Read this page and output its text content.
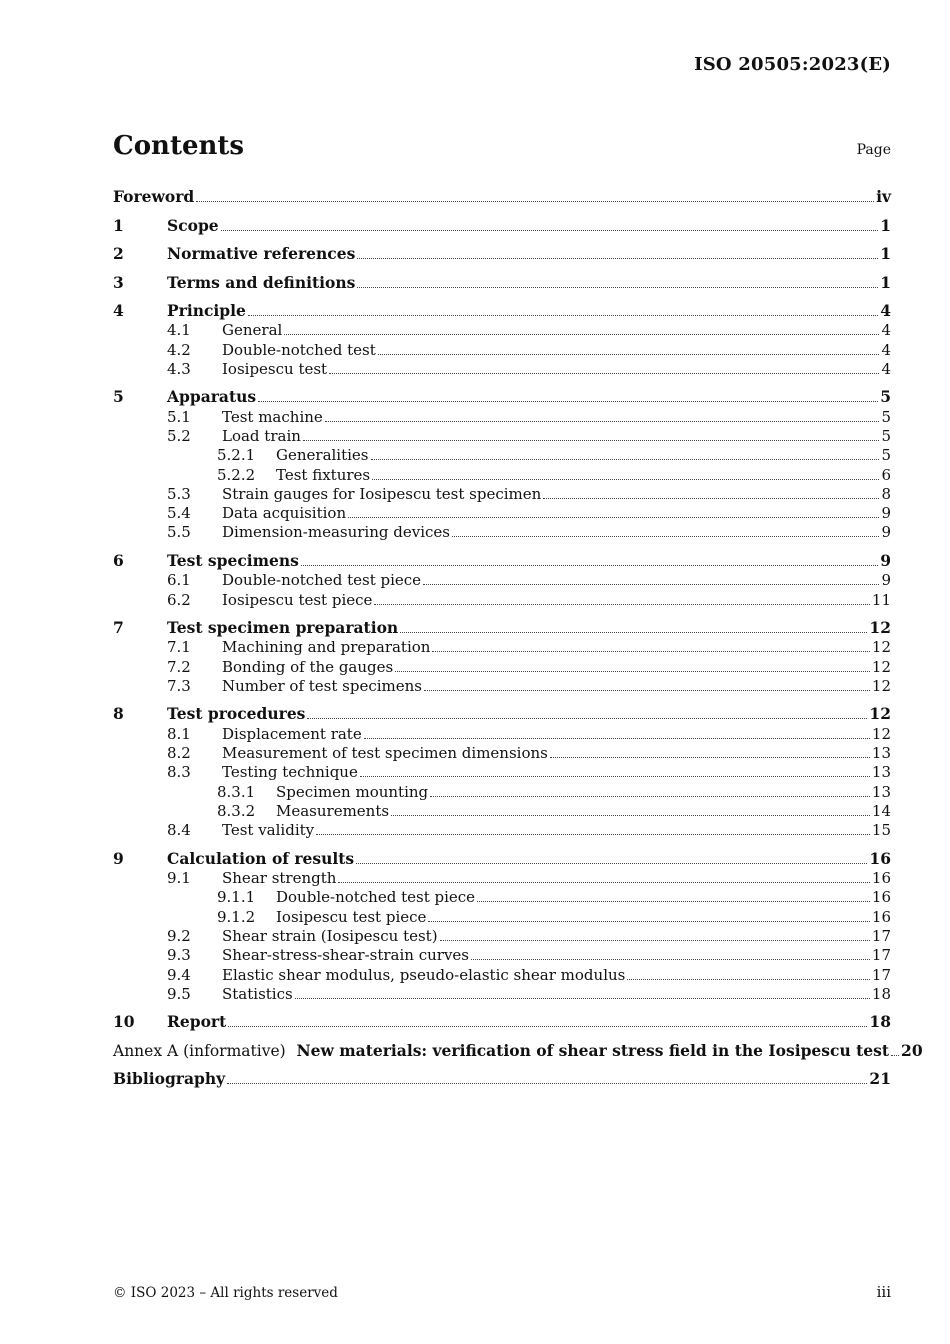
ISO 20505:2023(E)
Contents	Page
Foreword	iv
1	Scope	1
2	Normative references	1
3	Terms and definitions	1
4	Principle	4
4.1	General	4
4.2	Double-notched test	4
4.3	Iosipescu test	4
5	Apparatus	5
5.1	Test machine	5
5.2	Load train	5
5.2.1	Generalities	5
5.2.2	Test fixtures	6
5.3	Strain gauges for Iosipescu test specimen	8
5.4	Data acquisition	9
5.5	Dimension-measuring devices	9
6	Test specimens	9
6.1	Double-notched test piece	9
6.2	Iosipescu test piece	11
7	Test specimen preparation	12
7.1	Machining and preparation	12
7.2	Bonding of the gauges	12
7.3	Number of test specimens	12
8	Test procedures	12
8.1	Displacement rate	12
8.2	Measurement of test specimen dimensions	13
8.3	Testing technique	13
8.3.1	Specimen mounting	13
8.3.2	Measurements	14
8.4	Test validity	15
9	Calculation of results	16
9.1	Shear strength	16
9.1.1	Double-notched test piece	16
9.1.2	Iosipescu test piece	16
9.2	Shear strain (Iosipescu test)	17
9.3	Shear-stress-shear-strain curves	17
9.4	Elastic shear modulus, pseudo-elastic shear modulus	17
9.5	Statistics	18
10	Report	18
Annex A (informative) New materials: verification of shear stress field in the Iosipescu test 20
Bibliography	21
© ISO 2023 – All rights reserved	iii
